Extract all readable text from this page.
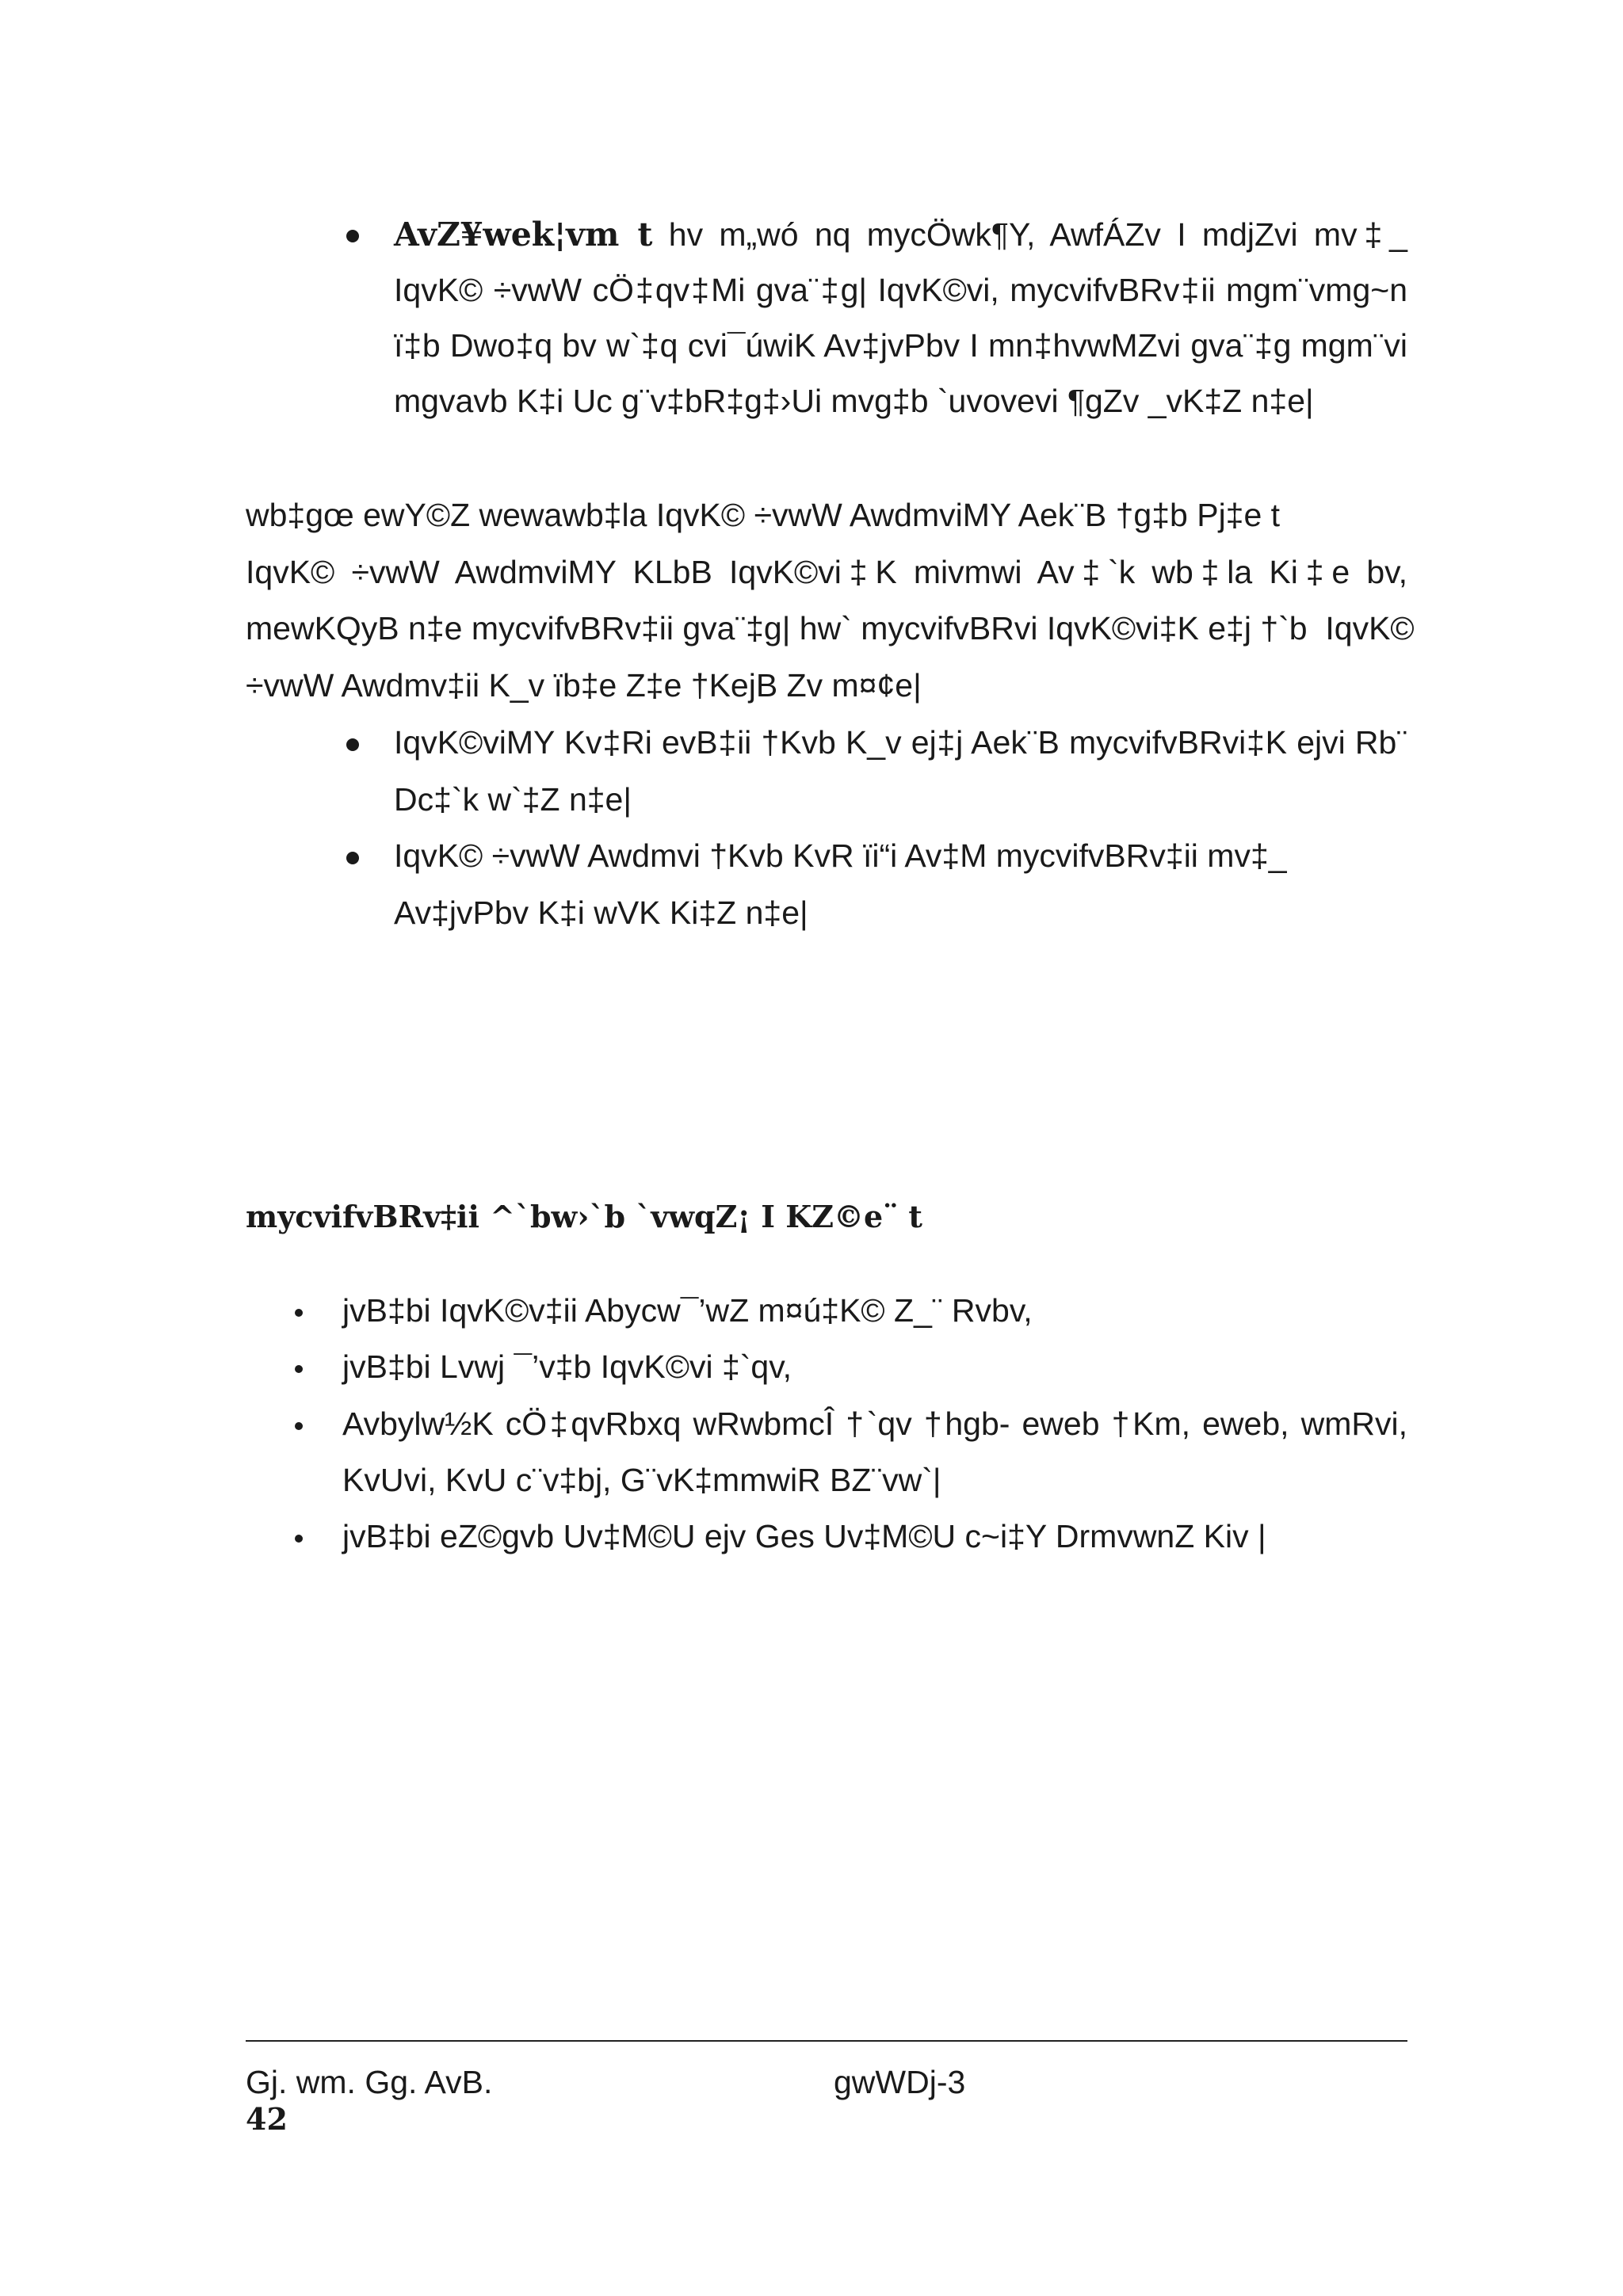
AvZ¥wek¦vm t hv m„wó nq mycÖwk¶Y, AwfÁZv I mdjZvi mv‡_
IqvK© ÷vwW cÖ‡qv‡Mi gva¨‡g| IqvK©vi, mycvifvBRv‡ii mgm¨vmg~n
ï‡b Dwo‡q bv w`‡q cvi¯úwiK Av‡jvPbv I mn‡hvwMZvi gva¨‡g mgm¨vi
mgvavb K‡i Uc g¨v‡bR‡g‡›Ui mvg‡b `uvovevi ¶gZv _vK‡Z n‡e|
wb‡gœ ewY©Z wewawb‡la IqvK© ÷vwW AwdmviMY Aek¨B †g‡b Pj‡e t
IqvK© ÷vwW AwdmviMY KLbB IqvK©vi‡K mivmwi Av‡`k wb‡la Ki‡e bv,
mewKQyB n‡e mycvifvBRv‡ii gva¨‡g| hw` mycvifvBRvi IqvK©vi‡K e‡j †`b  IqvK©
÷vwW Awdmv‡ii K_v ïb‡e Z‡e †KejB Zv m¤¢e|
IqvK©viMY Kv‡Ri evB‡ii †Kvb K_v ej‡j Aek¨B mycvifvBRvi‡K ejvi Rb¨
Dc‡`k w`‡Z n‡e|
IqvK© ÷vwW Awdmvi †Kvb KvR ïi“i Av‡M mycvifvBRv‡ii mv‡_
Av‡jvPbv K‡i wVK Ki‡Z n‡e|
mycvifvBRv‡ii ^`bw›`b `vwqZ¡ I KZ©e¨ t
jvB‡bi IqvK©v‡ii Abycw¯’wZ m¤ú‡K© Z_¨ Rvbv,
jvB‡bi Lvwj ¯’v‡b IqvK©vi ‡`qv,
Avbylw½K cÖ‡qvRbxq wRwbmcÎ †`qv †hgb- eweb †Km, eweb, wmRvi,
KvUvi, KvU c¨v‡bj, G¨vK‡mmwiR BZ¨vw`|
jvB‡bi eZ©gvb Uv‡M©U ejv Ges Uv‡M©U c~i‡Y DrmvwnZ Kiv |
Gj. wm. Gg. AvB.	gwWDj-3
42
